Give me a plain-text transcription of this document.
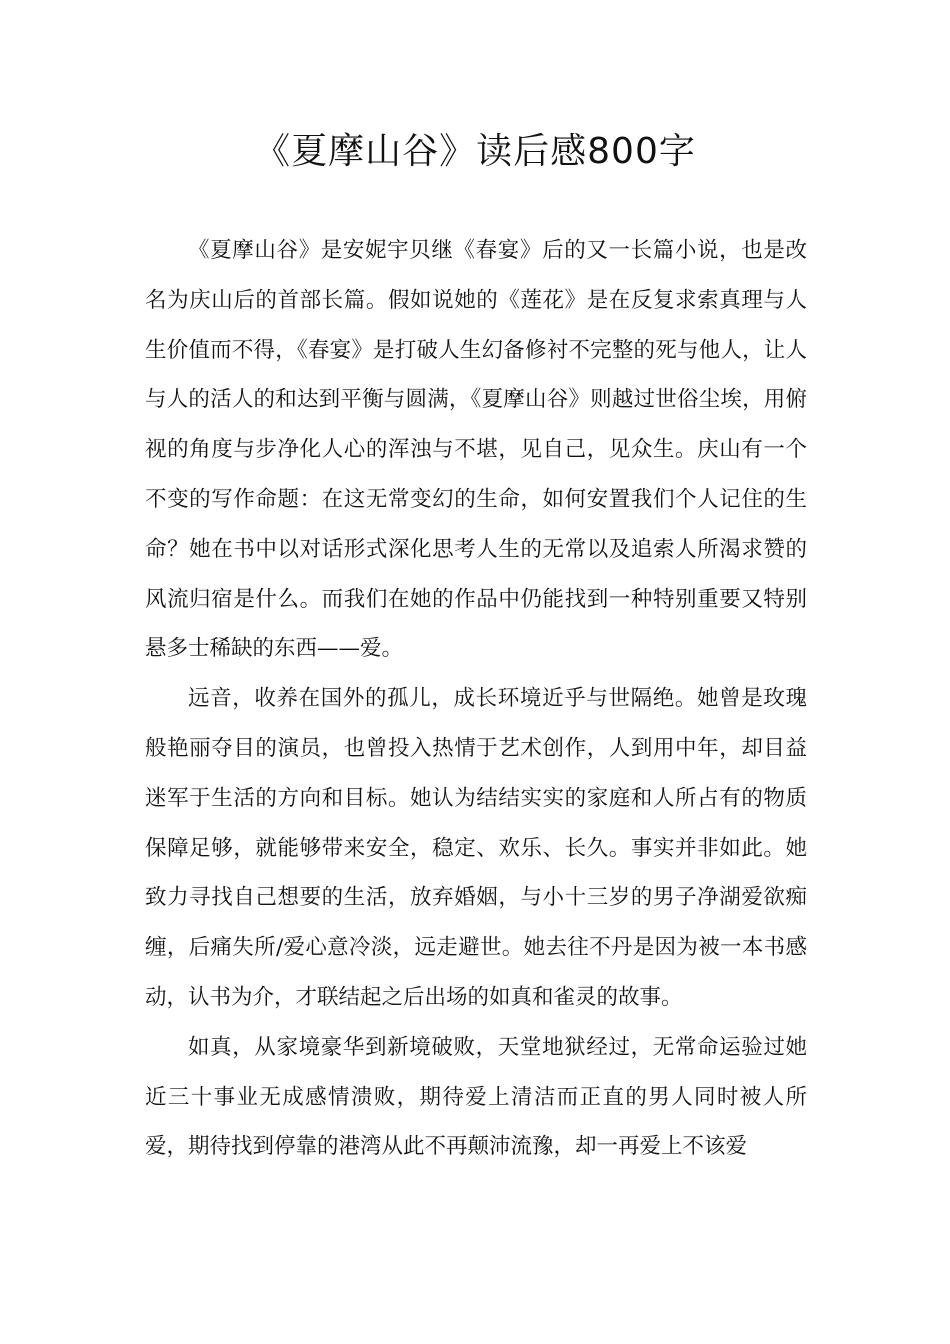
《夏摩山谷》读后感800字

《夏摩山谷》是安妮宇贝继《春宴》后的又一长篇小说，也是改名为庆山后的首部长篇。假如说她的《莲花》是在反复求索真理与人生价值而不得，《春宴》是打破人生幻备修衬不完整的死与他人，让人与人的活人的和达到平衡与圆满，《夏摩山谷》则越过世俗尘埃，用俯视的角度与步净化人心的浑浊与不堪，见自己，见众生。庆山有一个不变的写作命题：在这无常变幻的生命，如何安置我们个人记住的生命？她在书中以对话形式深化思考人生的无常以及追索人所渴求赞的风流归宿是什么。而我们在她的作品中仍能找到一种特别重要又特别悬多士稀缺的东西——爱。

远音，收养在国外的孤儿，成长环境近乎与世隔绝。她曾是玫瑰般艳丽夺目的演员，也曾投入热情于艺术创作，人到用中年，却目益迷军于生活的方向和目标。她认为结结实实的家庭和人所占有的物质保障足够，就能够带来安全，稳定、欢乐、长久。事实并非如此。她致力寻找自己想要的生活，放弃婚姻，与小十三岁的男子净湖爱欲痴缠，后痛失所/爱心意冷淡，远走避世。她去往不丹是因为被一本书感动，认书为介，才联结起之后出场的如真和雀灵的故事。

如真，从家境豪华到新境破败，天堂地狱经过，无常命运验过她近三十事业无成感情溃败，期待爱上清洁而正直的男人同时被人所爱，期待找到停靠的港湾从此不再颠沛流豫，却一再爱上不该爱
